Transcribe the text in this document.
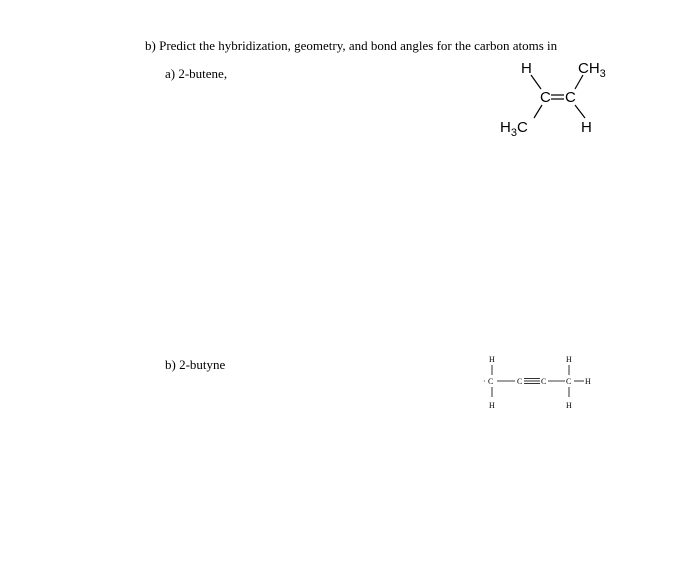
b) Predict the hybridization, geometry, and bond angles for the carbon atoms in
a) 2-butene,	H	$CH_3$
C C
$H_3C$	H
b) 2-butyne	H
· C
H
C C
H
C H
H
